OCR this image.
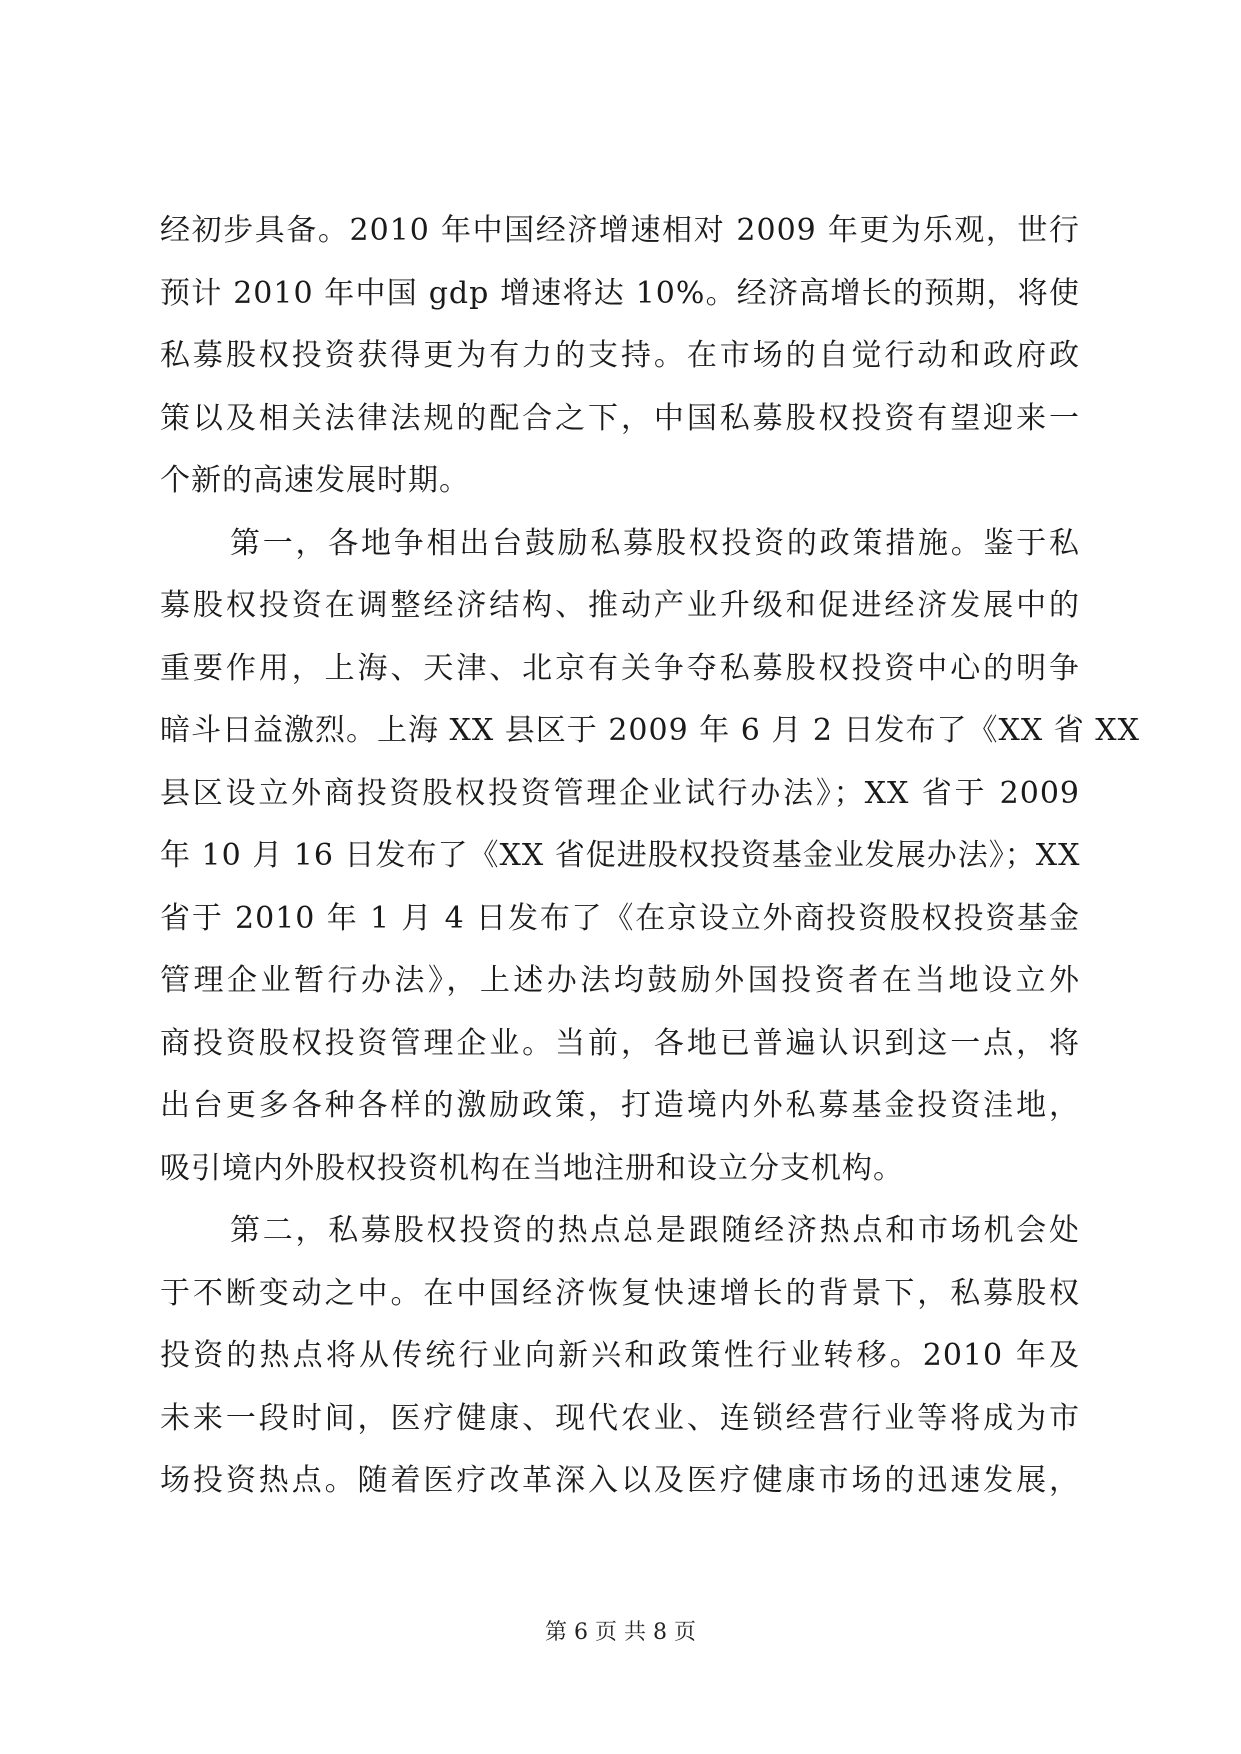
经初步具备。2010 年中国经济增速相对 2009 年更为乐观，世行
预计 2010 年中国 gdp 增速将达 10%。经济高增长的预期，将使
私募股权投资获得更为有力的支持。在市场的自觉行动和政府政
策以及相关法律法规的配合之下，中国私募股权投资有望迎来一
个新的高速发展时期。
第一，各地争相出台鼓励私募股权投资的政策措施。鉴于私
募股权投资在调整经济结构、推动产业升级和促进经济发展中的
重要作用，上海、天津、北京有关争夺私募股权投资中心的明争
暗斗日益激烈。上海 XX 县区于 2009 年 6 月 2 日发布了《XX 省 XX
县区设立外商投资股权投资管理企业试行办法》；XX 省于 2009
年 10 月 16 日发布了《XX 省促进股权投资基金业发展办法》；XX
省于 2010 年 1 月 4 日发布了《在京设立外商投资股权投资基金
管理企业暂行办法》，上述办法均鼓励外国投资者在当地设立外
商投资股权投资管理企业。当前，各地已普遍认识到这一点，将
出台更多各种各样的激励政策，打造境内外私募基金投资洼地，
吸引境内外股权投资机构在当地注册和设立分支机构。
第二，私募股权投资的热点总是跟随经济热点和市场机会处
于不断变动之中。在中国经济恢复快速增长的背景下，私募股权
投资的热点将从传统行业向新兴和政策性行业转移。2010 年及
未来一段时间，医疗健康、现代农业、连锁经营行业等将成为市
场投资热点。随着医疗改革深入以及医疗健康市场的迅速发展，
第 6 页 共 8 页
